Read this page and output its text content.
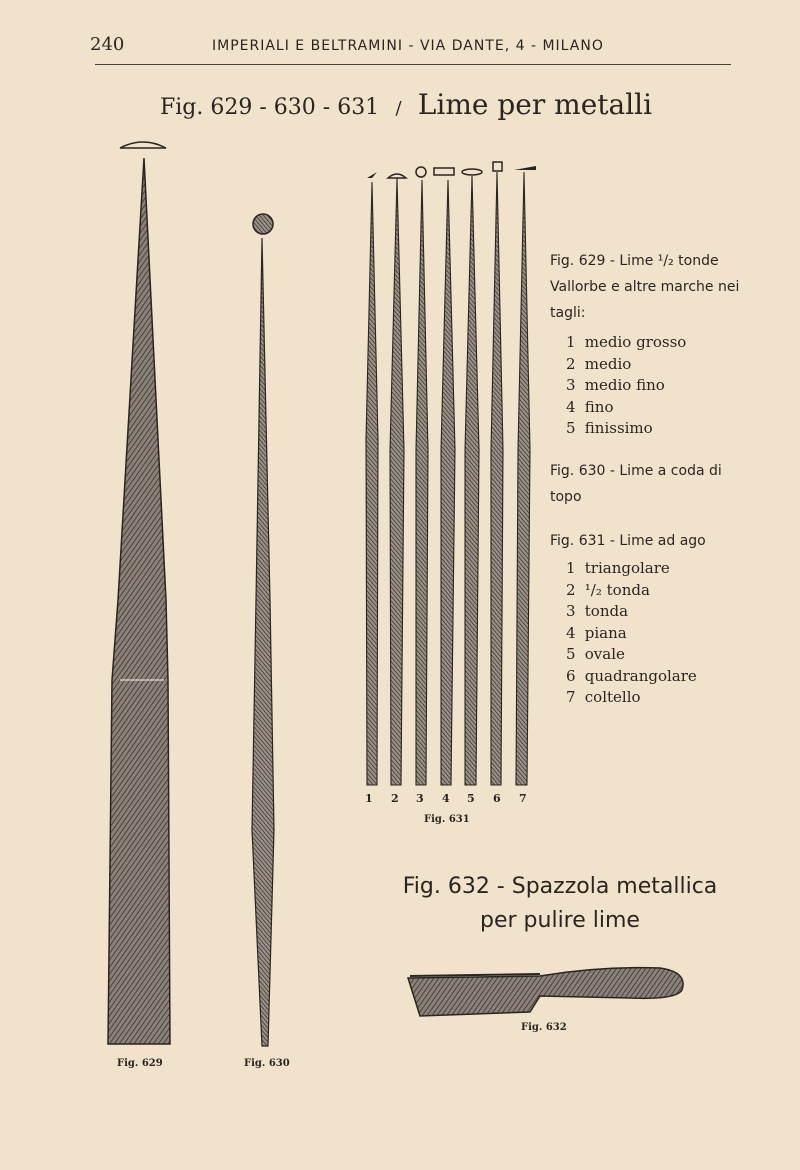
240	IMPERIALI E BELTRAMINI - VIA DANTE, 4 - MILANO
Fig. 629 - 630 - 631 / Lime per metalli
1 2 3 4 5 6 7
Fig. 629 - Lime ¹/₂ tonde Vallorbe e altre marche nei tagli:
1 medio grosso
2 medio
3 medio fino
4 fino
5 finissimo
Fig. 630 - Lime a coda di topo
Fig. 631 - Lime ad ago
1 triangolare
2 ¹/₂ tonda
3 tonda
4 piana
5 ovale
6 quadrangolare
7 coltello
Fig. 632 - Spazzola metallica
per pulire lime
Fig. 629	Fig. 630
Fig. 631
Fig. 632
